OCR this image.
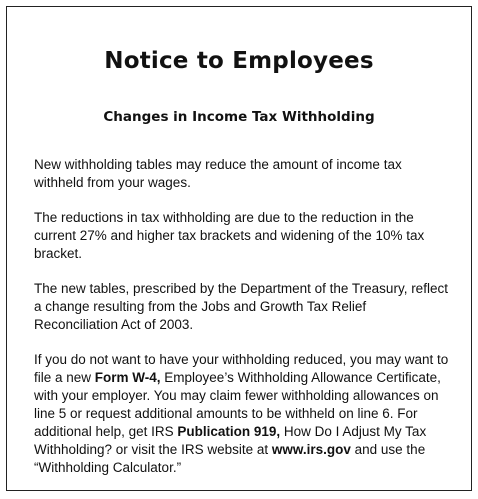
Notice to Employees
Changes in Income Tax Withholding

New withholding tables may reduce the amount of income tax withheld from your wages.

The reductions in tax withholding are due to the reduction in the current 27% and higher tax brackets and widening of the 10% tax bracket.

The new tables, prescribed by the Department of the Treasury, reflect a change resulting from the Jobs and Growth Tax Relief Reconciliation Act of 2003.

If you do not want to have your withholding reduced, you may want to file a new Form W-4, Employee’s Withholding Allowance Certificate, with your employer. You may claim fewer withholding allowances on line 5 or request additional amounts to be withheld on line 6. For additional help, get IRS Publication 919, How Do I Adjust My Tax Withholding? or visit the IRS website at www.irs.gov and use the “Withholding Calculator.”
